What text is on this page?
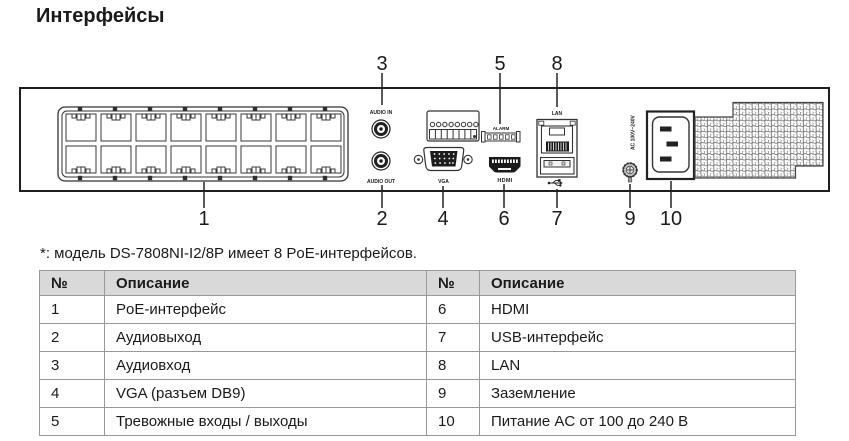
Интерфейсы
AUDIO IN
AUDIO OUT
ALARM
VGA	HDMI
LAN
AC 100V~240V
3	5 8
1	2 4 6 7	9 10
*: модель DS-7808NI-I2/8P имеет 8 PoE-интерфейсов.
№	Описание	№	Описание
1	PoE-интерфейс	6	HDMI
2	Аудиовыход	7	USB-интерфейс
3	Аудиовход	8	LAN
4	VGA (разъем DB9)	9	Заземление
5	Тревожные входы / выходы	10	Питание AC от 100 до 240 В
